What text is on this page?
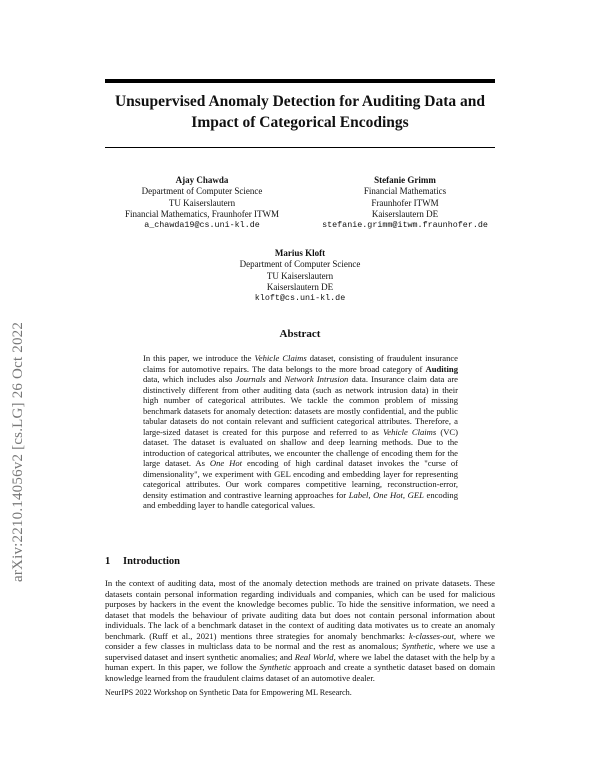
arXiv:2210.14056v2 [cs.LG] 26 Oct 2022
Unsupervised Anomaly Detection for Auditing Data and Impact of Categorical Encodings
Ajay Chawda
Department of Computer Science
TU Kaiserslautern
Financial Mathematics, Fraunhofer ITWM
a_chawda19@cs.uni-kl.de
Stefanie Grimm
Financial Mathematics
Fraunhofer ITWM
Kaiserslautern DE
stefanie.grimm@itwm.fraunhofer.de
Marius Kloft
Department of Computer Science
TU Kaiserslautern
Kaiserslautern DE
kloft@cs.uni-kl.de
Abstract
In this paper, we introduce the Vehicle Claims dataset, consisting of fraudulent insurance claims for automotive repairs. The data belongs to the more broad category of Auditing data, which includes also Journals and Network Intrusion data. Insurance claim data are distinctively different from other auditing data (such as network intrusion data) in their high number of categorical attributes. We tackle the common problem of missing benchmark datasets for anomaly detection: datasets are mostly confidential, and the public tabular datasets do not contain relevant and sufficient categorical attributes. Therefore, a large-sized dataset is created for this purpose and referred to as Vehicle Claims (VC) dataset. The dataset is evaluated on shallow and deep learning methods. Due to the introduction of categorical attributes, we encounter the challenge of encoding them for the large dataset. As One Hot encoding of high cardinal dataset invokes the "curse of dimensionality", we experiment with GEL encoding and embedding layer for representing categorical attributes. Our work compares competitive learning, reconstruction-error, density estimation and contrastive learning approaches for Label, One Hot, GEL encoding and embedding layer to handle categorical values.
1 Introduction
In the context of auditing data, most of the anomaly detection methods are trained on private datasets. These datasets contain personal information regarding individuals and companies, which can be used for malicious purposes by hackers in the event the knowledge becomes public. To hide the sensitive information, we need a dataset that models the behaviour of private auditing data but does not contain personal information about individuals. The lack of a benchmark dataset in the context of auditing data motivates us to create an anomaly benchmark. (Ruff et al., 2021) mentions three strategies for anomaly benchmarks: k-classes-out, where we consider a few classes in multiclass data to be normal and the rest as anomalous; Synthetic, where we use a supervised dataset and insert synthetic anomalies; and Real World, where we label the dataset with the help by a human expert. In this paper, we follow the Synthetic approach and create a synthetic dataset based on domain knowledge learned from the fraudulent claims dataset of an automotive dealer.
NeurIPS 2022 Workshop on Synthetic Data for Empowering ML Research.
